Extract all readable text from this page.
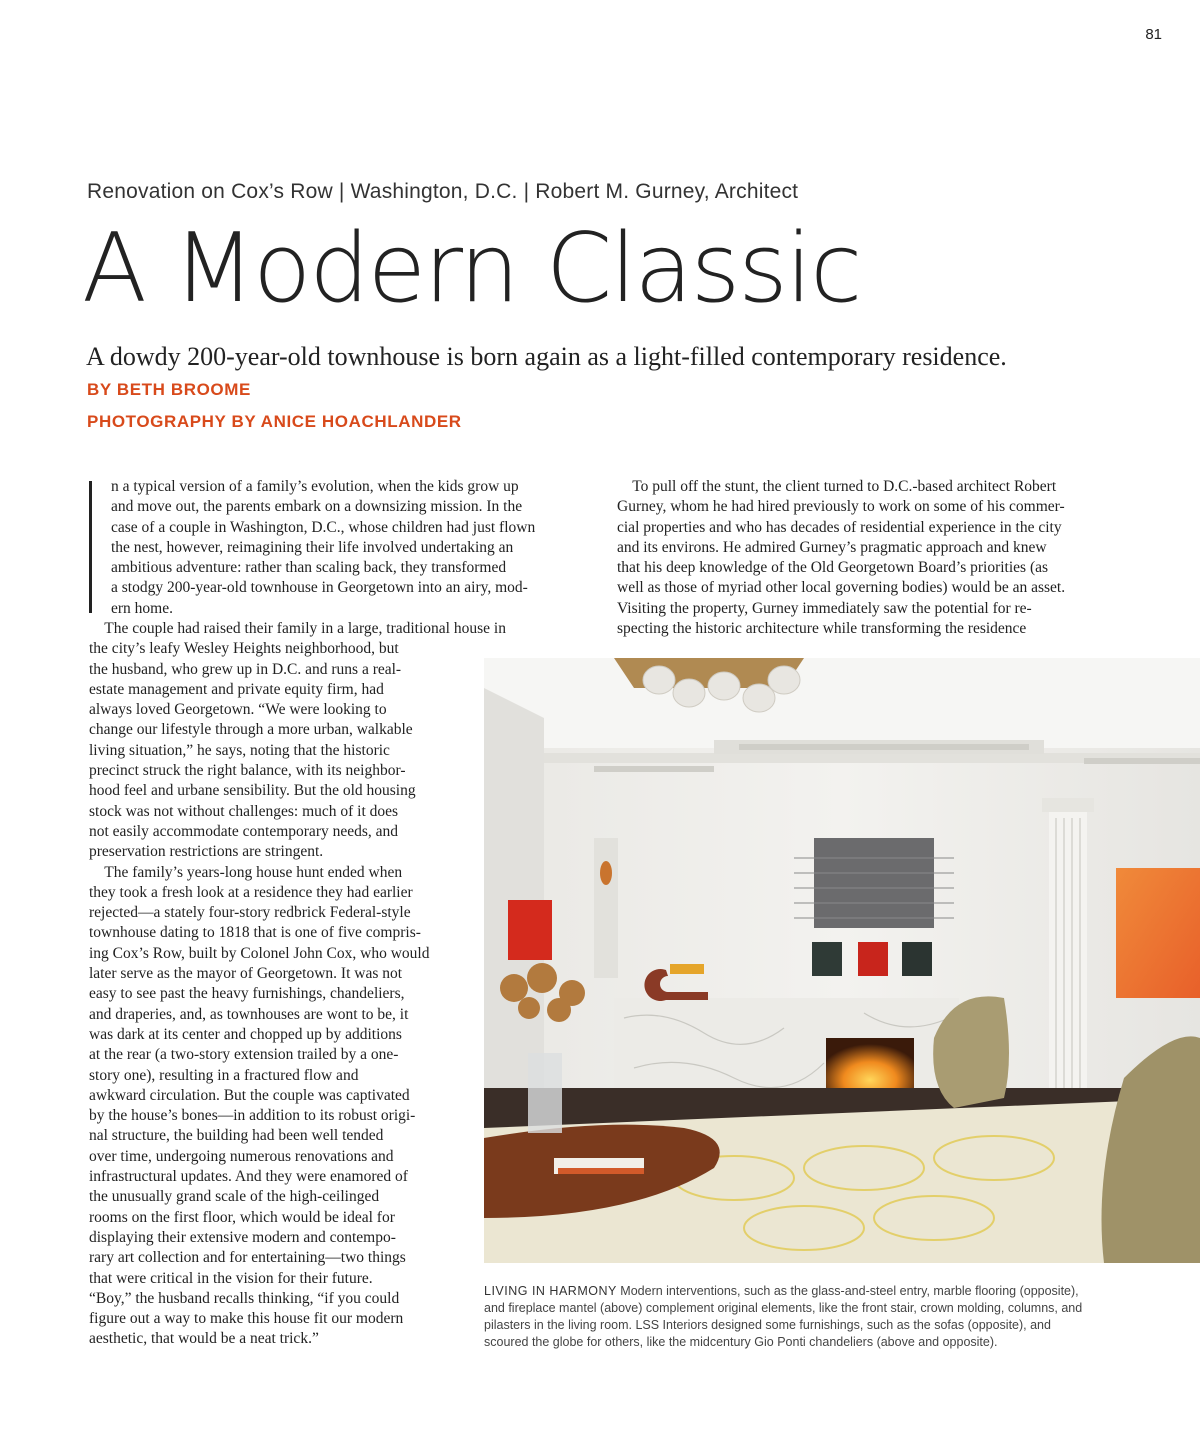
81
Renovation on Cox’s Row | Washington, D.C. | Robert M. Gurney, Architect
A Modern Classic
A dowdy 200-year-old townhouse is born again as a light-filled contemporary residence.
BY BETH BROOME
PHOTOGRAPHY BY ANICE HOACHLANDER
n a typical version of a family’s evolution, when the kids grow up
and move out, the parents embark on a downsizing mission. In the
case of a couple in Washington, D.C., whose children had just flown
the nest, however, reimagining their life involved undertaking an
ambitious adventure: rather than scaling back, they transformed
a stodgy 200-year-old townhouse in Georgetown into an airy, mod-
ern home.
The couple had raised their family in a large, traditional house in
the city’s leafy Wesley Heights neighborhood, but
the husband, who grew up in D.C. and runs a real-
estate management and private equity firm, had
always loved Georgetown. “We were looking to
change our lifestyle through a more urban, walkable
living situation,” he says, noting that the historic
precinct struck the right balance, with its neighbor-
hood feel and urbane sensibility. But the old housing
stock was not without challenges: much of it does
not easily accommodate contemporary needs, and
preservation restrictions are stringent.
The family’s years-long house hunt ended when
they took a fresh look at a residence they had earlier
rejected—a stately four-story redbrick Federal-style
townhouse dating to 1818 that is one of five compris-
ing Cox’s Row, built by Colonel John Cox, who would
later serve as the mayor of Georgetown. It was not
easy to see past the heavy furnishings, chandeliers,
and draperies, and, as townhouses are wont to be, it
was dark at its center and chopped up by additions
at the rear (a two-story extension trailed by a one-
story one), resulting in a fractured flow and
awkward circulation. But the couple was captivated
by the house’s bones—in addition to its robust origi-
nal structure, the building had been well tended
over time, undergoing numerous renovations and
infrastructural updates. And they were enamored of
the unusually grand scale of the high-ceilinged
rooms on the first floor, which would be ideal for
displaying their extensive modern and contempo-
rary art collection and for entertaining—two things
that were critical in the vision for their future.
“Boy,” the husband recalls thinking, “if you could
figure out a way to make this house fit our modern
aesthetic, that would be a neat trick.”
To pull off the stunt, the client turned to D.C.-based architect Robert
Gurney, whom he had hired previously to work on some of his commer-
cial properties and who has decades of residential experience in the city
and its environs. He admired Gurney’s pragmatic approach and knew
that his deep knowledge of the Old Georgetown Board’s priorities (as
well as those of myriad other local governing bodies) would be an asset.
Visiting the property, Gurney immediately saw the potential for re-
specting the historic architecture while transforming the residence
LIVING IN HARMONY Modern interventions, such as the glass-and-steel entry, marble flooring (opposite),
and fireplace mantel (above) complement original elements, like the front stair, crown molding, columns, and
pilasters in the living room. LSS Interiors designed some furnishings, such as the sofas (opposite), and
scoured the globe for others, like the midcentury Gio Ponti chandeliers (above and opposite).
